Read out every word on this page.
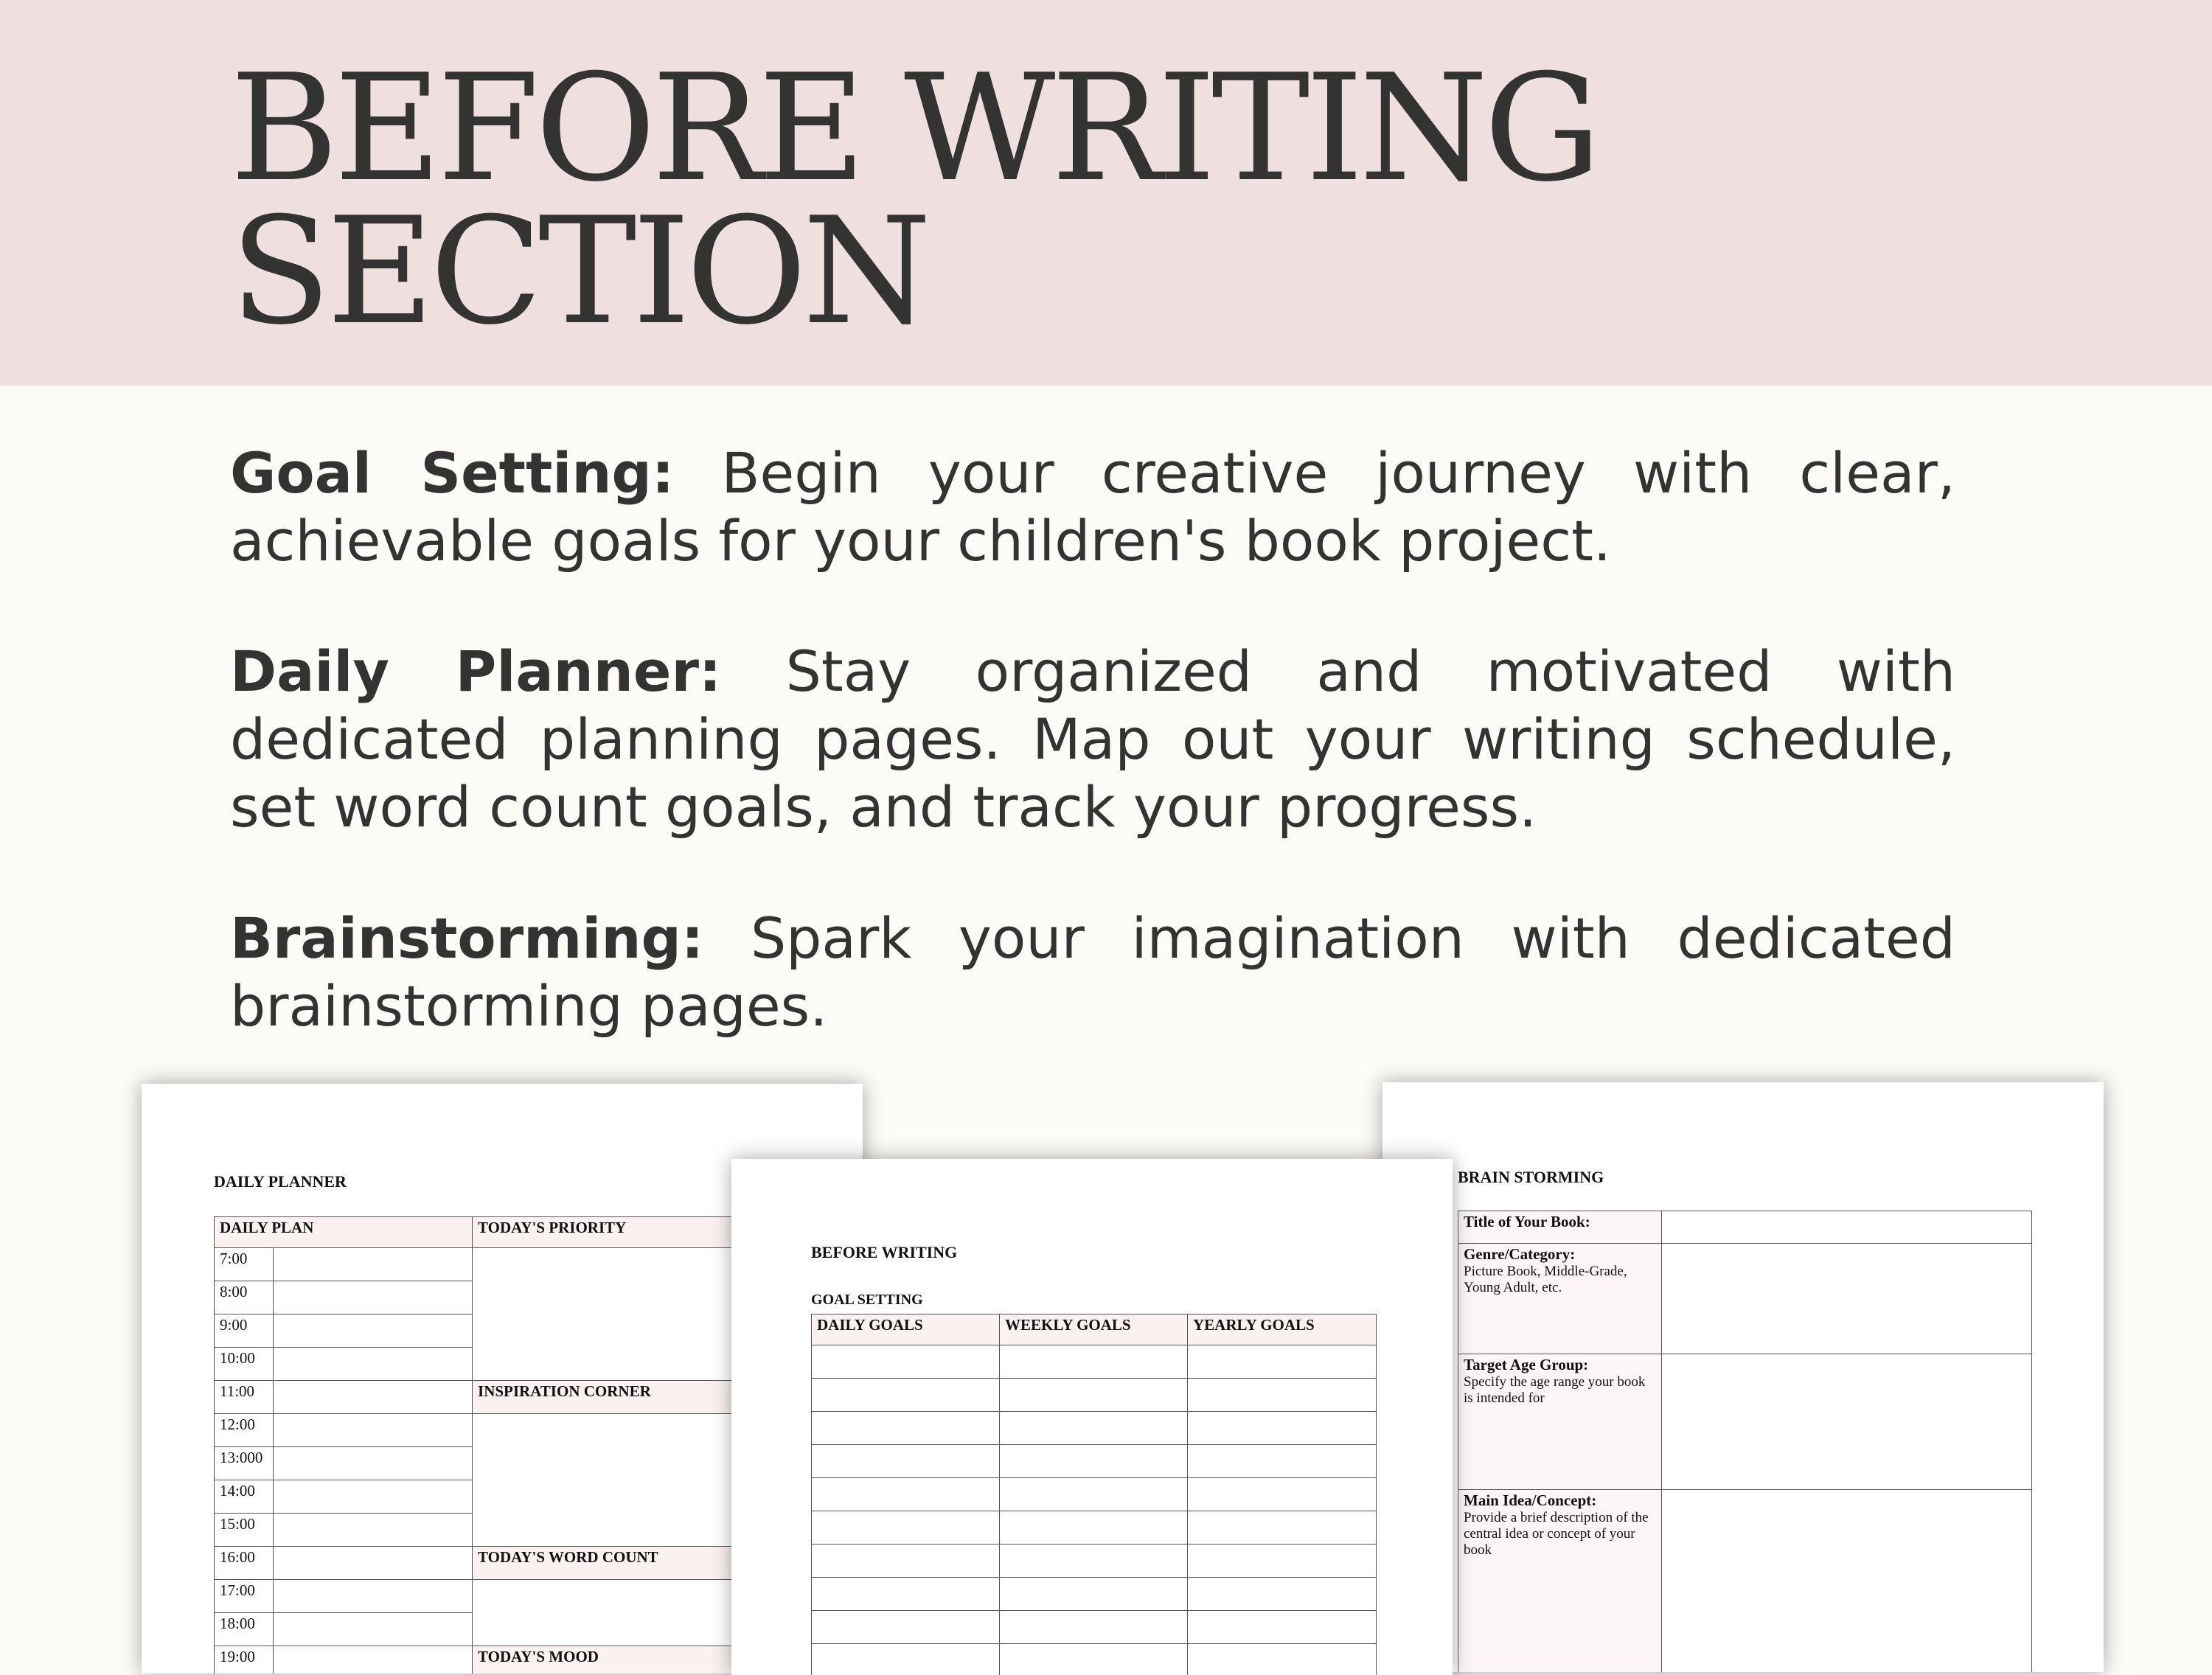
BEFORE WRITING
SECTION

Goal Setting: Begin your creative journey with clear, achievable goals for your children's book project.

Daily Planner: Stay organized and motivated with dedicated planning pages. Map out your writing schedule, set word count goals, and track your progress.

Brainstorming: Spark your imagination with dedicated brainstorming pages.

DAILY PLANNER
DAILY PLAN		TODAY'S PRIORITY
7:00		
8:00		
9:00		
10:00		
11:00		INSPIRATION CORNER
12:00		
13:000		
14:00		
15:00		
16:00		TODAY'S WORD COUNT
17:00		
18:00		
19:00		TODAY'S MOOD
BRAIN STORMING
Title of Your Book:	
Genre/Category:
Picture Book, Middle-Grade, Young Adult, etc.	

Target Age Group:
Specify the age range your book is intended for	

Main Idea/Concept:
Provide a brief description of the central idea or concept of your book	

BEFORE WRITING
GOAL SETTING
DAILY GOALS	WEEKLY GOALS	YEARLY GOALS
